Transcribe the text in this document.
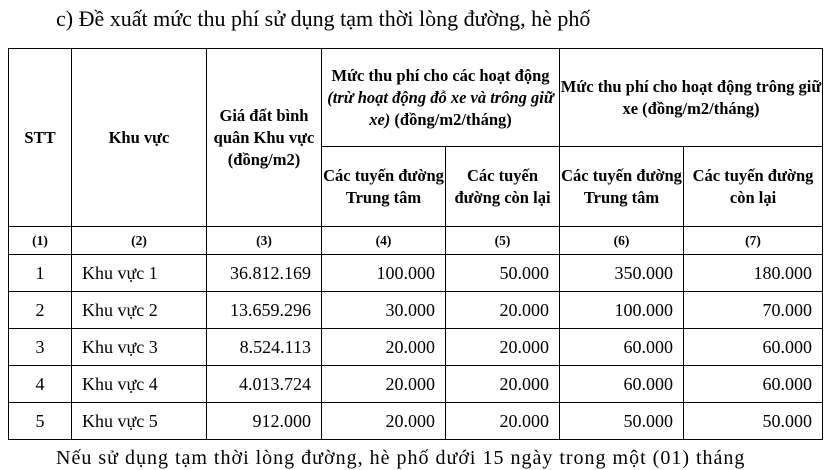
c) Đề xuất mức thu phí sử dụng tạm thời lòng đường, hè phố
STT	Khu vực	Giá đất bình quân Khu vực (đồng/m2)	Mức thu phí cho các hoạt động (trừ hoạt động đỗ xe và trông giữ xe) (đồng/m2/tháng)		Mức thu phí cho hoạt động trông giữ xe (đồng/m2/tháng)	
			Các tuyến đường Trung tâm	Các tuyến đường còn lại	Các tuyến đường Trung tâm	Các tuyến đường còn lại
(1)	(2)	(3)	(4)	(5)	(6)	(7)
1	Khu vực 1	36.812.169	100.000	50.000	350.000	180.000
2	Khu vực 2	13.659.296	30.000	20.000	100.000	70.000
3	Khu vực 3	8.524.113	20.000	20.000	60.000	60.000
4	Khu vực 4	4.013.724	20.000	20.000	60.000	60.000
5	Khu vực 5	912.000	20.000	20.000	50.000	50.000
Nếu sử dụng tạm thời lòng đường, hè phố dưới 15 ngày trong một (01) tháng
